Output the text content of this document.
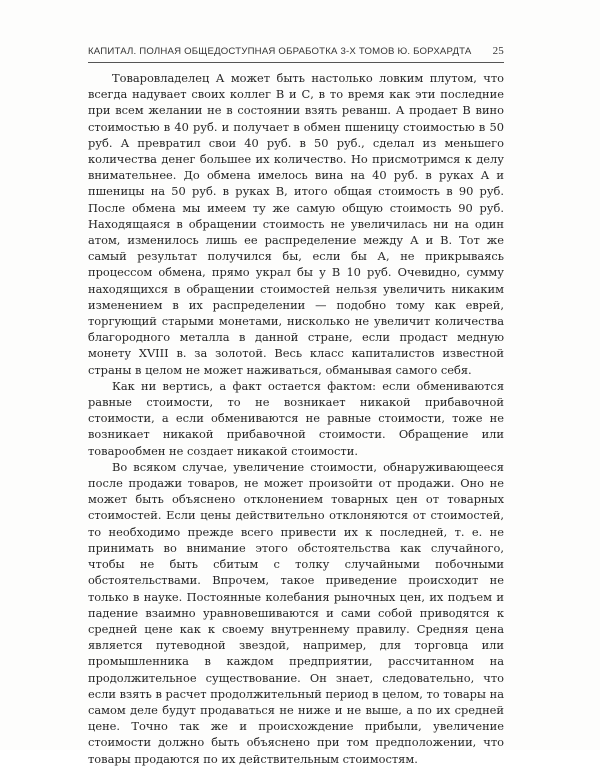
КАПИТАЛ. ПОЛНАЯ ОБЩЕДОСТУПНАЯ ОБРАБОТКА 3-Х ТОМОВ Ю. БОРХАРДТА 25

Товаровладелец А может быть настолько ловким плутом, что всегда надувает своих коллег В и С, в то время как эти последние при всем желании не в состоянии взять реванш. А продает В вино стоимостью в 40 руб. и получает в обмен пшеницу стоимостью в 50 руб. А превратил свои 40 руб. в 50 руб., сделал из меньшего количества денег большее их количество. Но присмотримся к делу внимательнее. До обмена имелось вина на 40 руб. в руках А и пшеницы на 50 руб. в руках В, итого общая стоимость в 90 руб. После обмена мы имеем ту же самую общую стоимость 90 руб. Находящаяся в обращении стоимость не увеличилась ни на один атом, изменилось лишь ее распределение между А и В. Тот же самый результат получился бы, если бы А, не прикрываясь процессом обмена, прямо украл бы у В 10 руб. Очевидно, сумму находящихся в обращении стоимостей нельзя увеличить никаким изменением в их распределении — подобно тому как еврей, торгующий старыми монетами, нисколько не увеличит количества благородного металла в данной стране, если продаст медную монету XVIII в. за золотой. Весь класс капиталистов известной страны в целом не может наживаться, обманывая самого себя.

Как ни вертись, а факт остается фактом: если обмениваются равные стоимости, то не возникает никакой прибавочной стоимости, а если обмениваются не равные стоимости, тоже не возникает никакой прибавочной стоимости. Обращение или товарообмен не создает никакой стоимости.

Во всяком случае, увеличение стоимости, обнаруживающееся после продажи товаров, не может произойти от продажи. Оно не может быть объяснено отклонением товарных цен от товарных стоимостей. Если цены действительно отклоняются от стоимостей, то необходимо прежде всего привести их к последней, т. е. не принимать во внимание этого обстоятельства как случайного, чтобы не быть сбитым с толку случайными побочными обстоятельствами. Впрочем, такое приведение происходит не только в науке. Постоянные колебания рыночных цен, их подъем и падение взаимно уравновешиваются и сами собой приводятся к средней цене как к своему внутреннему правилу. Средняя цена является путеводной звездой, например, для торговца или промышленника в каждом предприятии, рассчитанном на продолжительное существование. Он знает, следовательно, что если взять в расчет продолжительный период в целом, то товары на самом деле будут продаваться не ниже и не выше, а по их средней цене. Точно так же и происхождение прибыли, увеличение стоимости должно быть объяснено при том предположении, что товары продаются по их действительным стоимостям.
